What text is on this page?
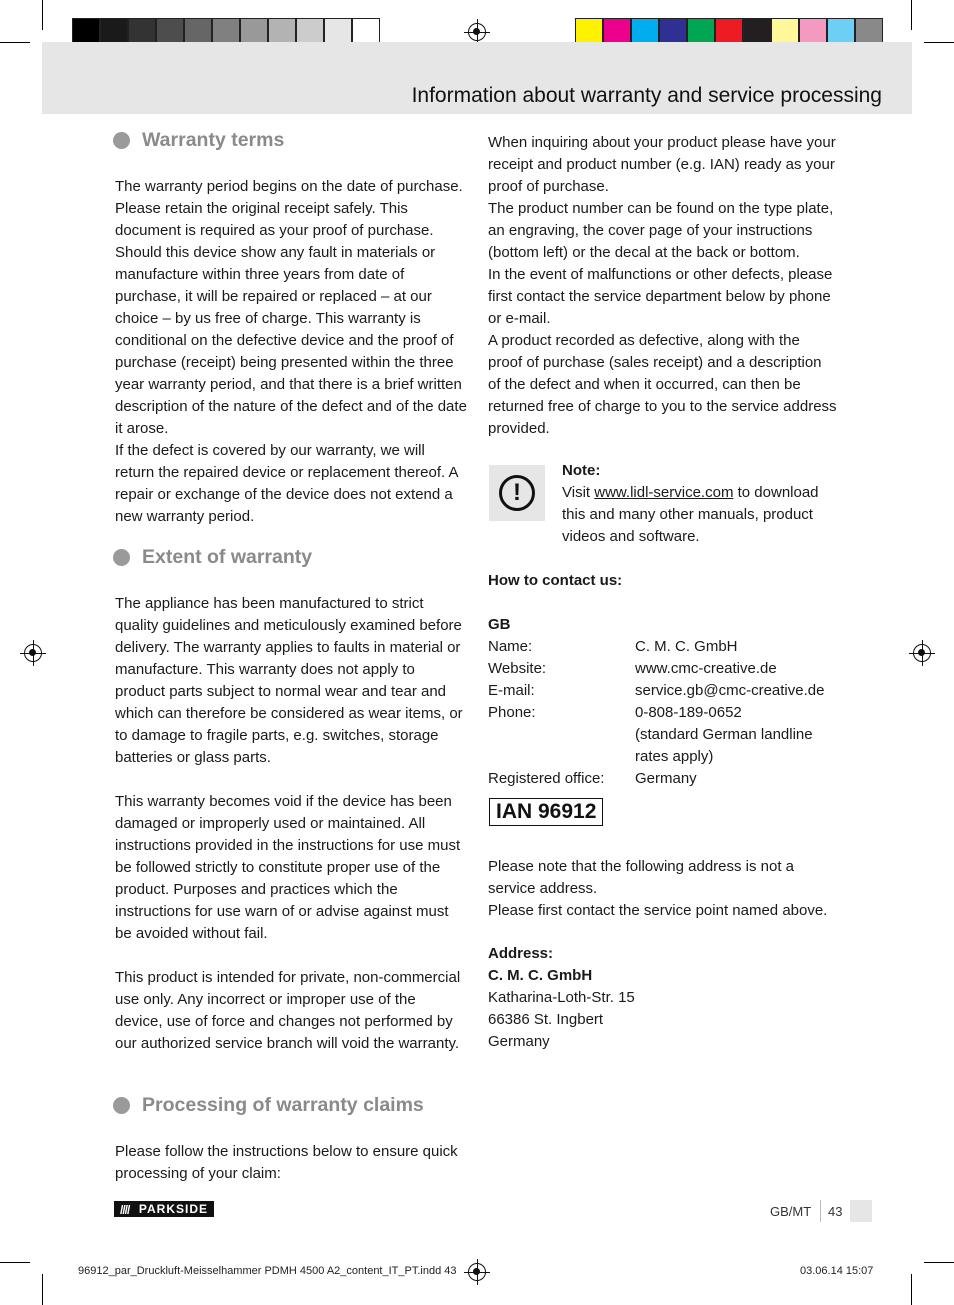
Information about warranty and service processing
Warranty terms

The warranty period begins on the date of purchase. Please retain the original receipt safely. This document is required as your proof of purchase.

Should this device show any fault in materials or manufacture within three years from date of purchase, it will be repaired or replaced – at our choice – by us free of charge. This warranty is conditional on the defective device and the proof of purchase (receipt) being presented within the three year warranty period, and that there is a brief written description of the nature of the defect and of the date it arose.

If the defect is covered by our warranty, we will return the repaired device or replacement thereof. A repair or exchange of the device does not extend a new warranty period.

Extent of warranty

The appliance has been manufactured to strict quality guidelines and meticulously examined before delivery. The warranty applies to faults in material or manufacture. This warranty does not apply to product parts subject to normal wear and tear and which can therefore be considered as wear items, or to damage to fragile parts, e.g. switches, storage batteries or glass parts.

This warranty becomes void if the device has been damaged or improperly used or maintained. All instructions provided in the instructions for use must be followed strictly to constitute proper use of the product. Purposes and practices which the instructions for use warn of or advise against must be avoided without fail.

This product is intended for private, non-commercial use only. Any incorrect or improper use of the device, use of force and changes not performed by our authorized service branch will void the warranty.

Processing of warranty claims

Please follow the instructions below to ensure quick processing of your claim:

When inquiring about your product please have your receipt and product number (e.g. IAN) ready as your proof of purchase.

The product number can be found on the type plate, an engraving, the cover page of your instructions (bottom left) or the decal at the back or bottom.

In the event of malfunctions or other defects, please first contact the service department below by phone or e-mail.

A product recorded as defective, along with the proof of purchase (sales receipt) and a description of the defect and when it occurred, can then be returned free of charge to you to the service address provided.

!

Note:

Visit www.lidl-service.com to download this and many other manuals, product videos and software.

How to contact us:
GB
Name:	C. M. C. GmbH
Website:	www.cmc-creative.de
E-mail:	service.gb@cmc-creative.de
Phone:	0-808-189-0652
(standard German landline
rates apply)
Registered office:	Germany
IAN 96912

Please note that the following address is not a service address.

Please first contact the service point named above.

Address:

C. M. C. GmbH

Katharina-Loth-Str. 15

66386 St. Ingbert

Germany

//// PARKSIDE	GB/MT 43
96912_par_Druckluft-Meisselhammer PDMH 4500 A2_content_IT_PT.indd 43	03.06.14 15:07
